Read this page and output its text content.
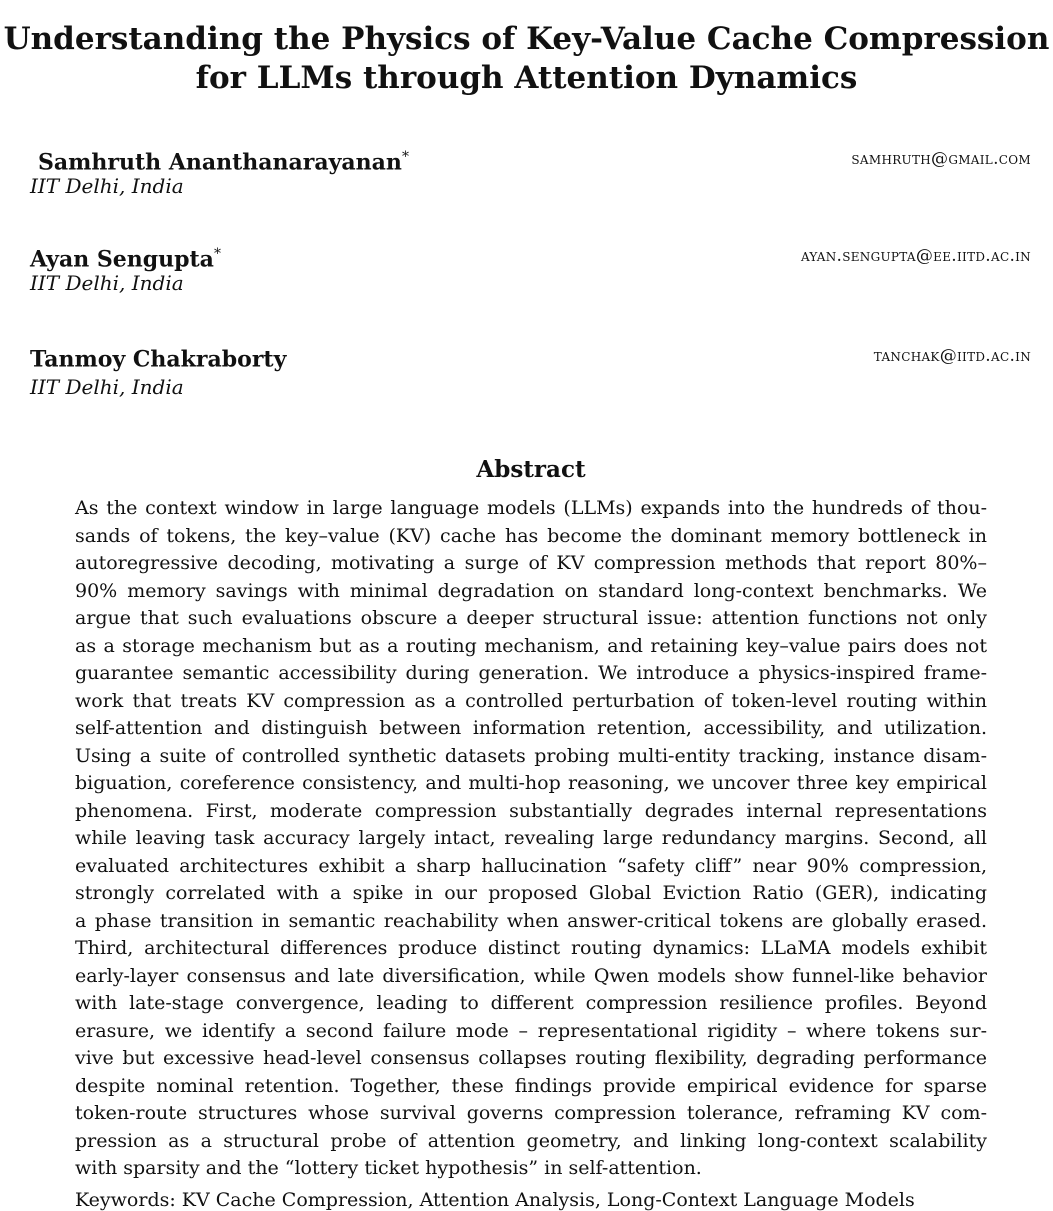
Understanding the Physics of Key-Value Cache Compression
for LLMs through Attention Dynamics
Samhruth Ananthanarayanan*
IIT Delhi, India
samhruth@gmail.com
Ayan Sengupta*
IIT Delhi, India
ayan.sengupta@ee.iitd.ac.in
Tanmoy Chakraborty
IIT Delhi, India
tanchak@iitd.ac.in
Abstract
As the context window in large language models (LLMs) expands into the hundreds of thou-
sands of tokens, the key–value (KV) cache has become the dominant memory bottleneck in
autoregressive decoding, motivating a surge of KV compression methods that report 80%–
90% memory savings with minimal degradation on standard long-context benchmarks. We
argue that such evaluations obscure a deeper structural issue: attention functions not only
as a storage mechanism but as a routing mechanism, and retaining key–value pairs does not
guarantee semantic accessibility during generation. We introduce a physics-inspired frame-
work that treats KV compression as a controlled perturbation of token-level routing within
self-attention and distinguish between information retention, accessibility, and utilization.
Using a suite of controlled synthetic datasets probing multi-entity tracking, instance disam-
biguation, coreference consistency, and multi-hop reasoning, we uncover three key empirical
phenomena. First, moderate compression substantially degrades internal representations
while leaving task accuracy largely intact, revealing large redundancy margins. Second, all
evaluated architectures exhibit a sharp hallucination “safety cliff” near 90% compression,
strongly correlated with a spike in our proposed Global Eviction Ratio (GER), indicating
a phase transition in semantic reachability when answer-critical tokens are globally erased.
Third, architectural differences produce distinct routing dynamics: LLaMA models exhibit
early-layer consensus and late diversification, while Qwen models show funnel-like behavior
with late-stage convergence, leading to different compression resilience profiles. Beyond
erasure, we identify a second failure mode – representational rigidity – where tokens sur-
vive but excessive head-level consensus collapses routing flexibility, degrading performance
despite nominal retention. Together, these findings provide empirical evidence for sparse
token-route structures whose survival governs compression tolerance, reframing KV com-
pression as a structural probe of attention geometry, and linking long-context scalability
with sparsity and the “lottery ticket hypothesis” in self-attention.
Keywords: KV Cache Compression, Attention Analysis, Long-Context Language Models
